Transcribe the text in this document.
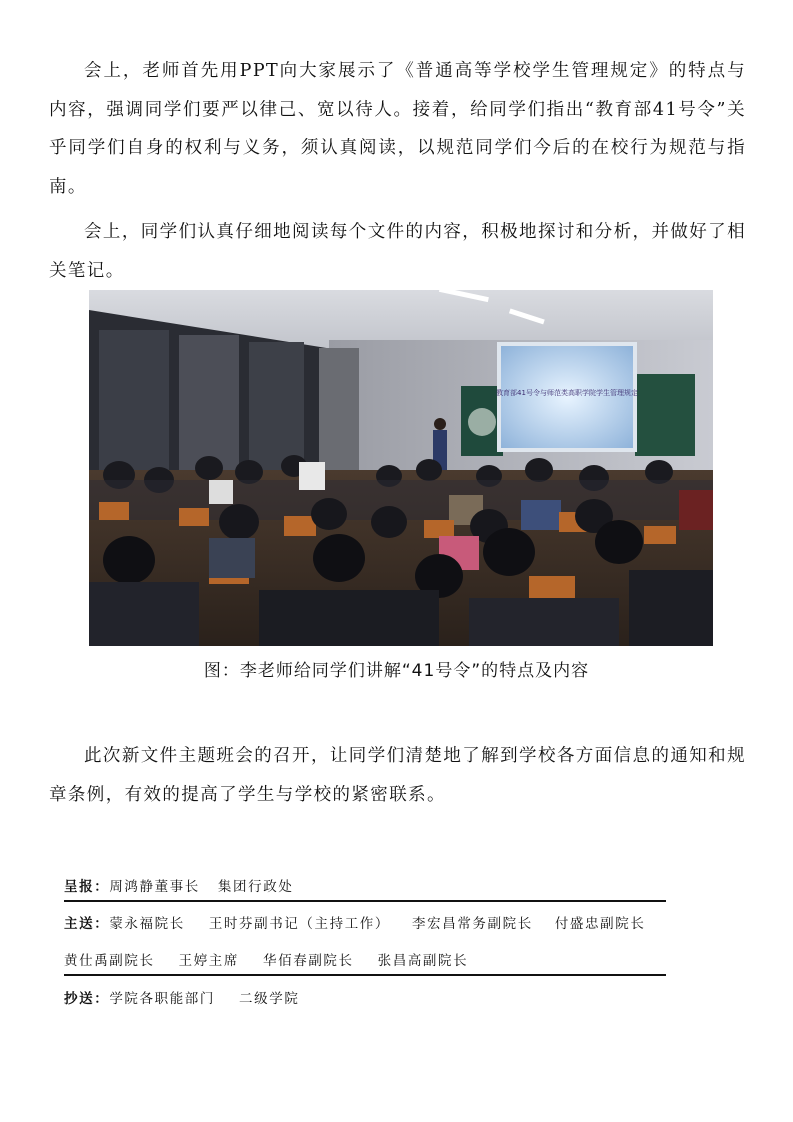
会上，老师首先用PPT向大家展示了《普通高等学校学生管理规定》的特点与内容，强调同学们要严以律己、宽以待人。接着，给同学们指出“教育部41号令”关乎同学们自身的权利与义务，须认真阅读，以规范同学们今后的在校行为规范与指南。

会上，同学们认真仔细地阅读每个文件的内容，积极地探讨和分析，并做好了相关笔记。

教育部41号令与师范类高职学院学生管理规定
图：李老师给同学们讲解“41号令”的特点及内容

此次新文件主题班会的召开，让同学们清楚地了解到学校各方面信息的通知和规章条例，有效的提高了学生与学校的紧密联系。

呈报：周鸿静董事长 集团行政处
主送：蒙永福院长 王时芬副书记（主持工作） 李宏昌常务副院长 付盛忠副院长
黄仕禹副院长 王婷主席 华佰春副院长 张昌高副院长
抄送：学院各职能部门 二级学院
